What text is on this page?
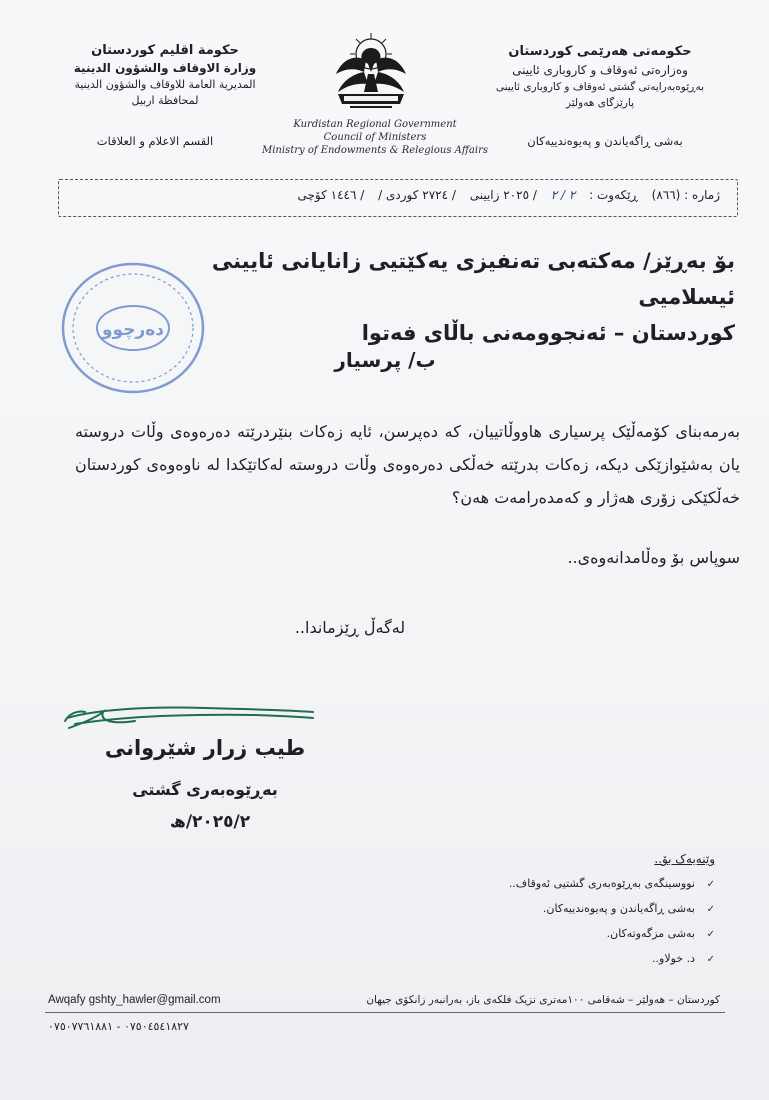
حكومة اقليم كوردستان
وزارة الاوقاف والشؤون الدينية
المديرية العامة للاوقاف والشؤون الدينية
لمحافظة اربيل
القسم الاعلام و العلاقات
حکومەتی هەرێمی کوردستان
وەزارەتی ئەوقاف و کاروباری ئایینی
بەڕێوەبەرایەتی گشتی ئەوقاف و کاروباری ئایینی
پارێزگای هەولێر
بەشی ڕاگەیاندن و پەیوەندییەکان
Kurdistan Regional Government
Council of Ministers
Ministry of Endowments & Relegious Affairs
ژمارە : (٨٦٦) ڕێکەوت : ٢ / ٢ / ٢٠٢٥ زایینی / ٢٧٢٤ کوردی / / ١٤٤٦ کۆچی
دەرچوو
بۆ بەڕێز/ مەکتەبی تەنفیزی یەکێتیی زانایانی ئایینی ئیسلامیی
کوردستان – ئەنجوومەنی باڵای فەتوا
ب/ پرسیار
بەرمەبنای کۆمەڵێک پرسیاری هاووڵاتییان، کە دەپرسن، ئایە زەکات بنێردرێتە دەرەوەی وڵات دروستە یان بەشێوازێکی دیکە، زەکات بدرێتە خەڵکی دەرەوەی وڵات دروستە لەکاتێکدا لە ناوەوەی کوردستان خەڵکێکی زۆری هەژار و کەمدەرامەت هەن؟
سوپاس بۆ وەڵامدانەوەی..
لەگەڵ ڕێزماندا..
طیب زرار شێروانی
بەڕێوەبەری گشتی
٢٠٢٥/٢/ھ
وێنەیەک بۆ..
✓نووسینگەی بەڕێوەبەری گشتیی ئەوقاف..
✓بەشی ڕاگەیاندن و پەیوەندییەکان.
✓بەشی مزگەوتەکان.
✓د. خولاو..
Awqafy gshty_hawler@gmail.com	کوردستان – هەولێر – شەقامی ١٠٠مەتری نزیک فلکەی باز، بەرانبەر زانکۆی جیهان
٠٧٥٠٤٥٤١٨٢٧ - ٠٧٥٠٧٧٦١٨٨١
